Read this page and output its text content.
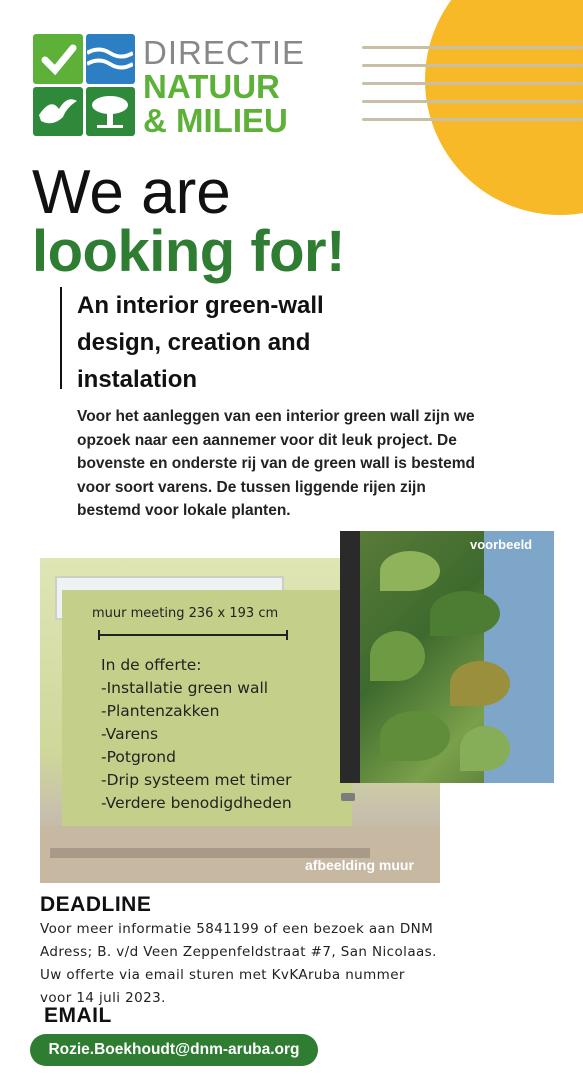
DIRECTIE
NATUUR
& MILIEU
We are
looking for!
An interior green-wall design, creation and instalation
Voor het aanleggen van een interior green wall zijn we opzoek naar een aannemer voor dit leuk project. De bovenste en onderste rij van de green wall is bestemd voor soort varens. De tussen liggende rijen zijn bestemd voor lokale planten.
muur meeting 236 x 193 cm
In de offerte:
-Installatie green wall
-Plantenzakken
-Varens
-Potgrond
-Drip systeem met timer
-Verdere benodigdheden
afbeelding muur
voorbeeld
DEADLINE
Voor meer informatie 5841199 of een bezoek aan DNM
Adress; B. v/d Veen Zeppenfeldstraat #7, San Nicolaas.
Uw offerte via email sturen met KvKAruba nummer
voor 14 juli 2023.
EMAIL
Rozie.Boekhoudt@dnm-aruba.org
